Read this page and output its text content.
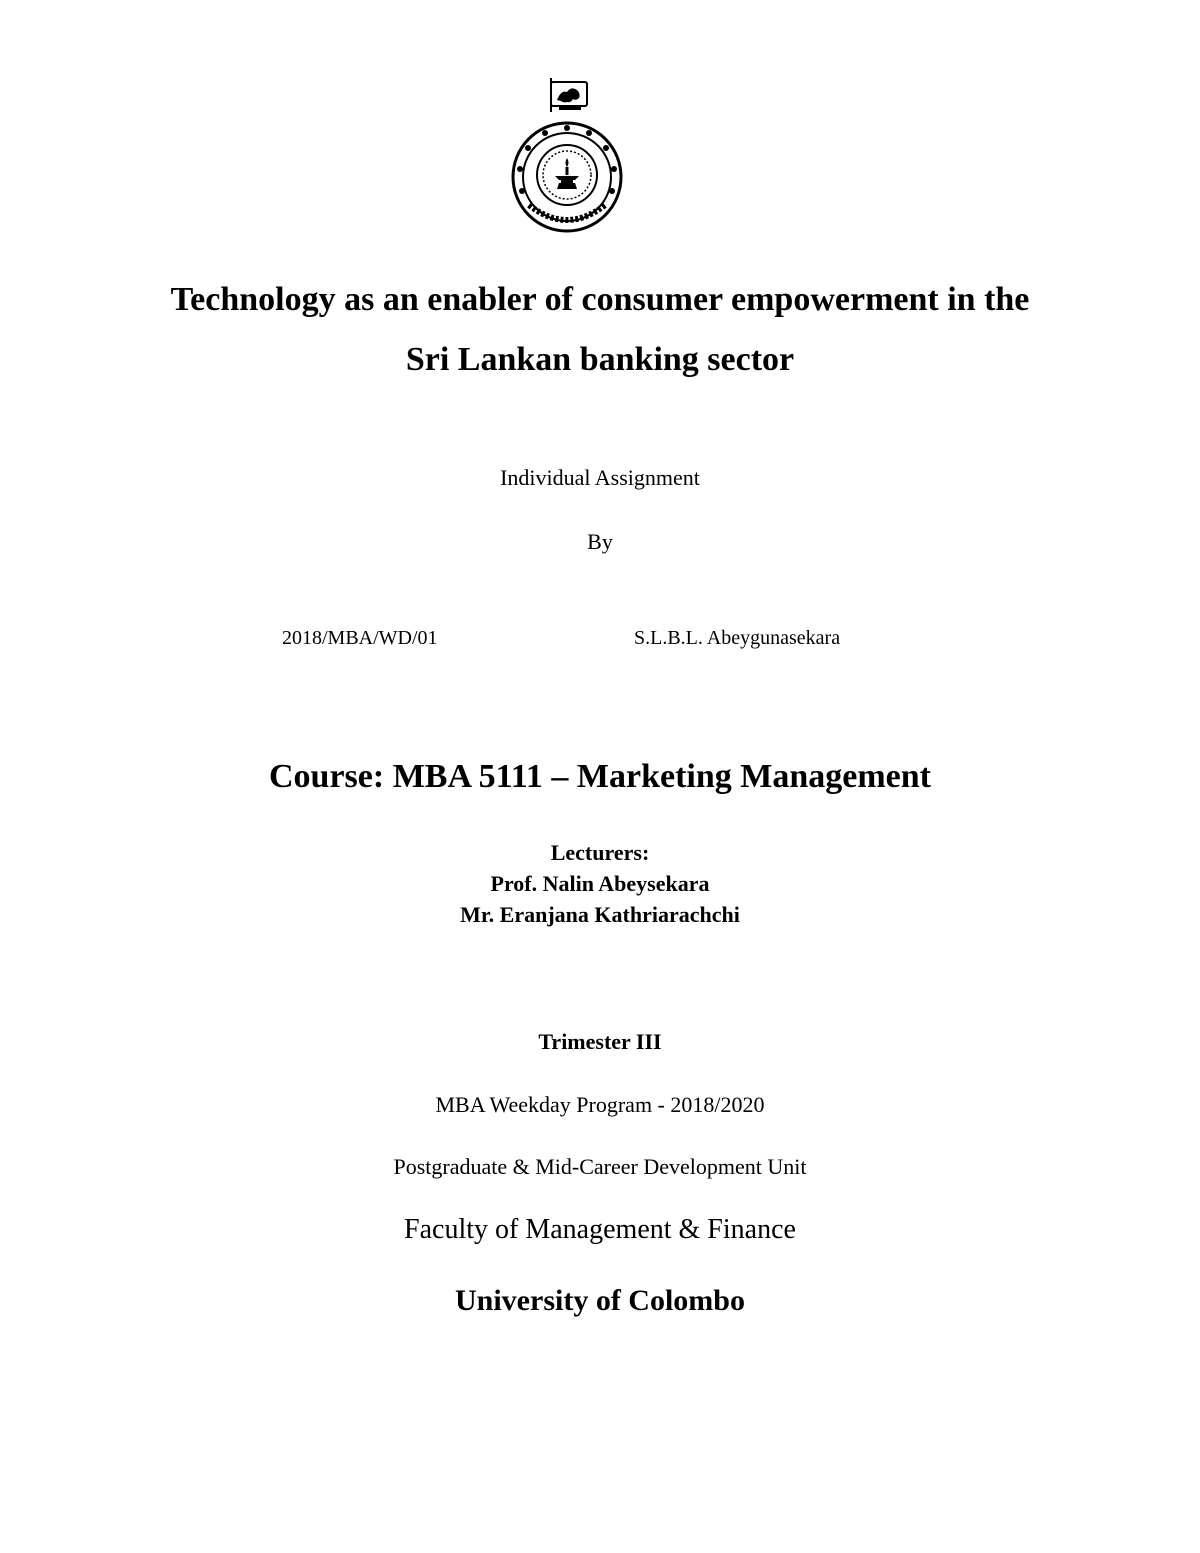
Technology as an enabler of consumer empowerment in the
Sri Lankan banking sector
Individual Assignment
By
2018/MBA/WD/01	S.L.B.L. Abeygunasekara
Course: MBA 5111 – Marketing Management
Lecturers:
Prof. Nalin Abeysekara
Mr. Eranjana Kathriarachchi
Trimester III
MBA Weekday Program - 2018/2020
Postgraduate & Mid-Career Development Unit
Faculty of Management & Finance
University of Colombo
